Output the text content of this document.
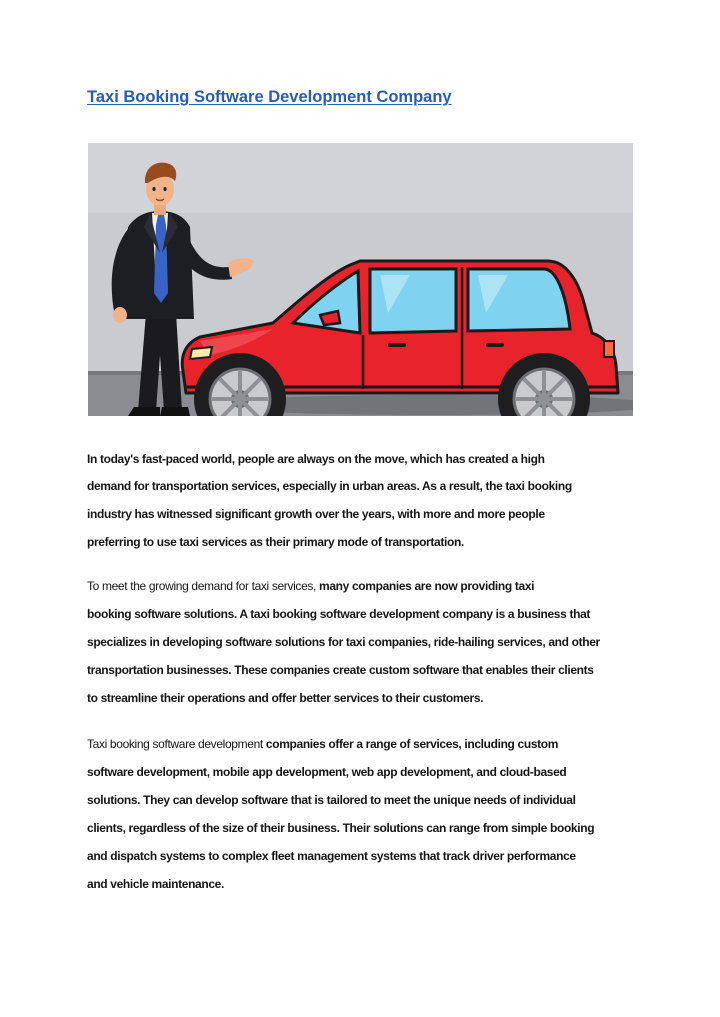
Taxi Booking Software Development Company

In today's fast-paced world, people are always on the move, which has created a high
demand for transportation services, especially in urban areas. As a result, the taxi booking
industry has witnessed significant growth over the years, with more and more people
preferring to use taxi services as their primary mode of transportation.

To meet the growing demand for taxi services, many companies are now providing taxi
booking software solutions. A taxi booking software development company is a business that
specializes in developing software solutions for taxi companies, ride-hailing services, and other
transportation businesses. These companies create custom software that enables their clients
to streamline their operations and offer better services to their customers.

Taxi booking software development companies offer a range of services, including custom
software development, mobile app development, web app development, and cloud-based
solutions. They can develop software that is tailored to meet the unique needs of individual
clients, regardless of the size of their business. Their solutions can range from simple booking
and dispatch systems to complex fleet management systems that track driver performance
and vehicle maintenance.
